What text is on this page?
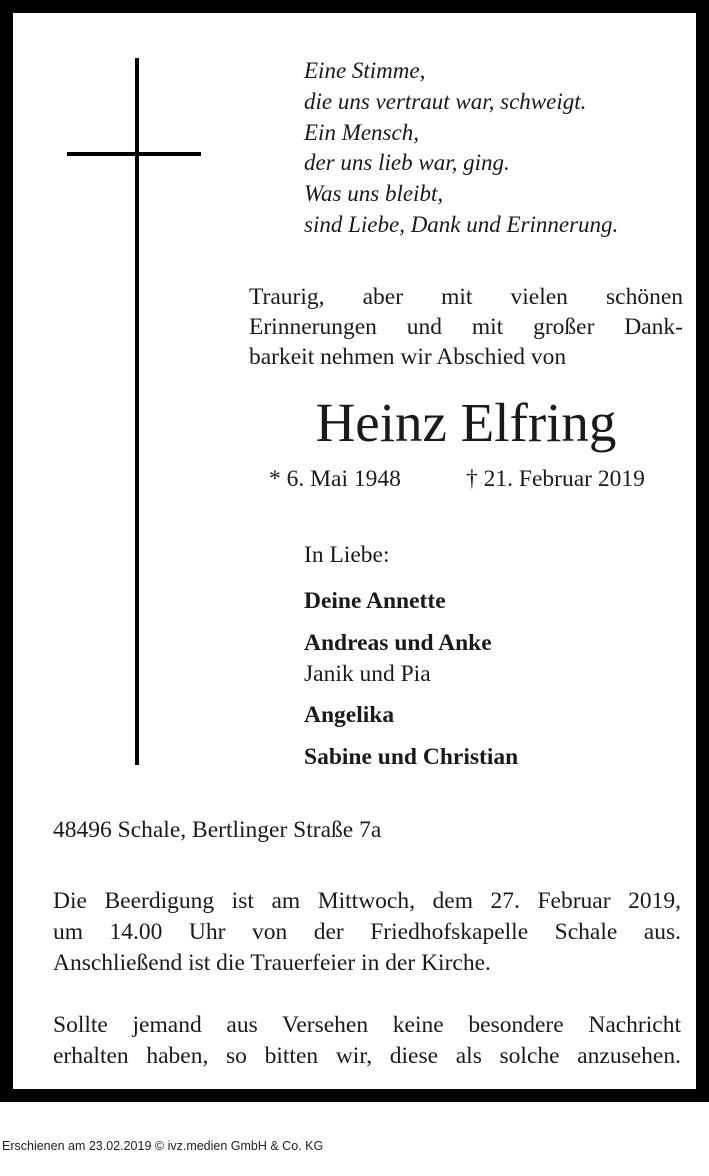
Eine Stimme,
die uns vertraut war, schweigt.
Ein Mensch,
der uns lieb war, ging.
Was uns bleibt,
sind Liebe, Dank und Erinnerung.
Traurig, aber mit vielen schönen
Erinnerungen und mit großer Dank-
barkeit nehmen wir Abschied von
Heinz Elfring
* 6. Mai 1948	† 21. Februar 2019
In Liebe:
Deine Annette
Andreas und Anke
Janik und Pia
Angelika
Sabine und Christian
48496 Schale, Bertlinger Straße 7a
Die Beerdigung ist am Mittwoch, dem 27. Februar 2019,
um 14.00 Uhr von der Friedhofskapelle Schale aus.
Anschließend ist die Trauerfeier in der Kirche.
Sollte jemand aus Versehen keine besondere Nachricht
erhalten haben, so bitten wir, diese als solche anzusehen.
Erschienen am 23.02.2019 © ivz.medien GmbH & Co. KG
